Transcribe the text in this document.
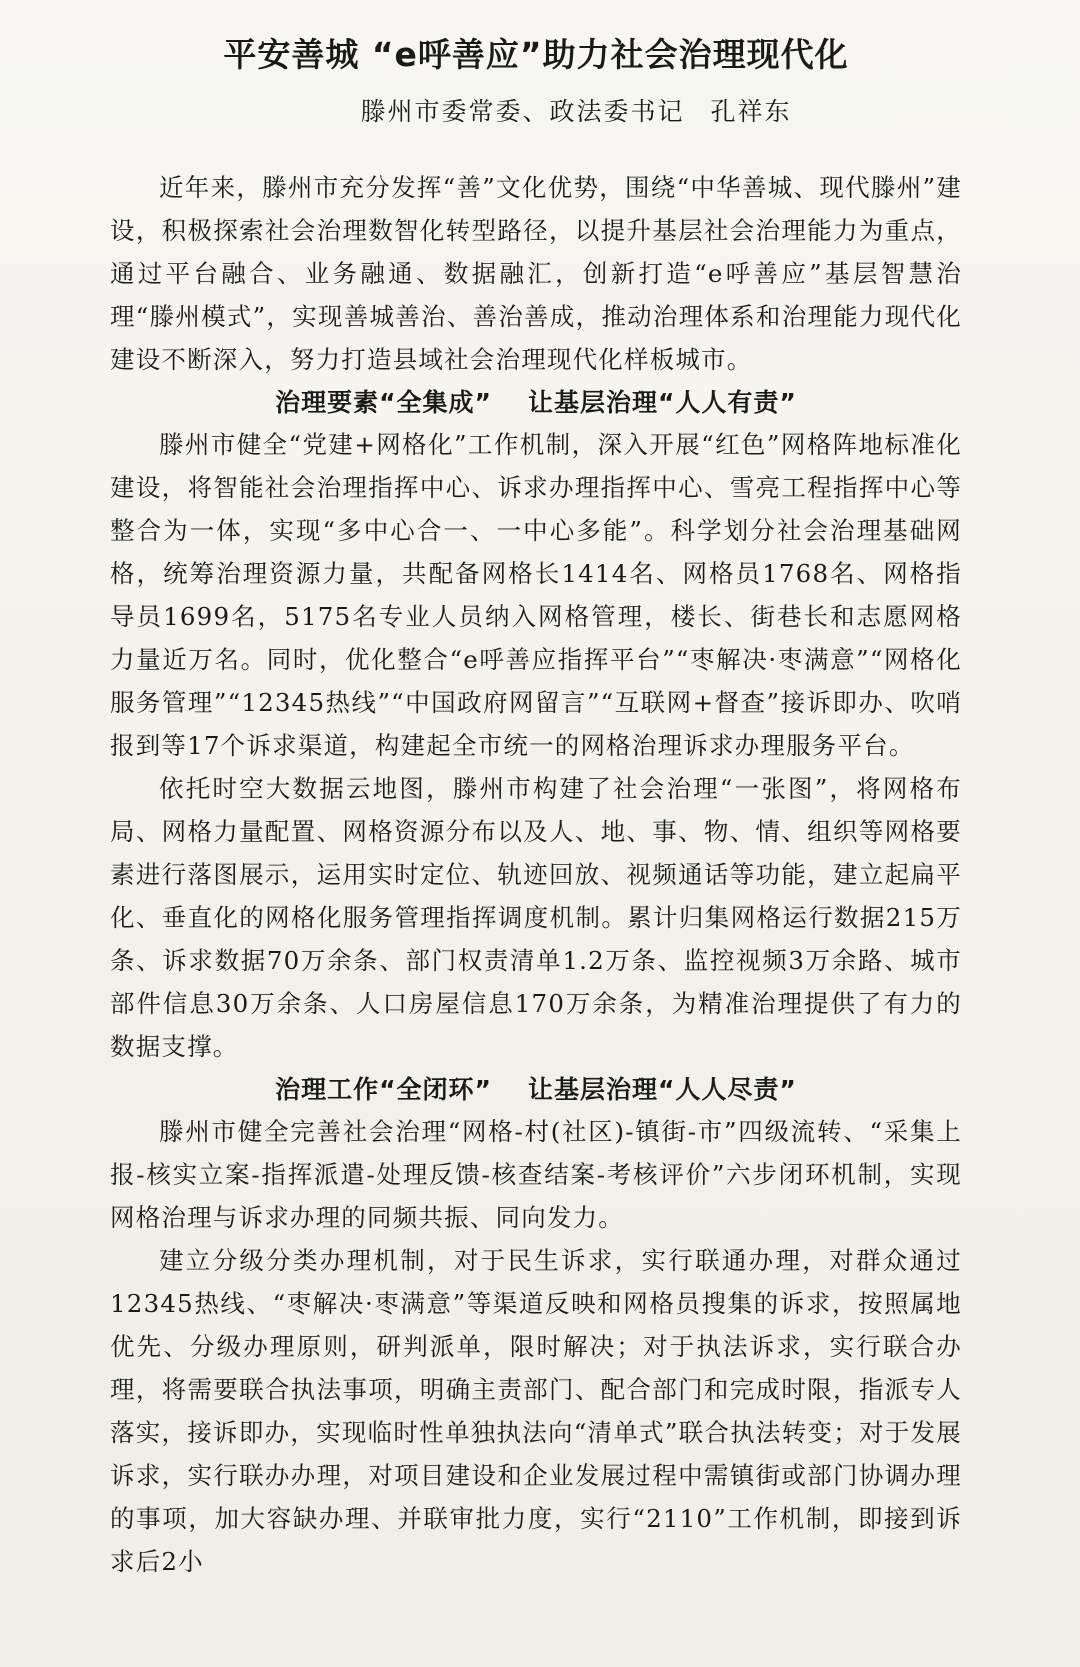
平安善城 “e呼善应”助力社会治理现代化
滕州市委常委、政法委书记 孔祥东

近年来，滕州市充分发挥“善”文化优势，围绕“中华善城、现代滕州”建设，积极探索社会治理数智化转型路径，以提升基层社会治理能力为重点，通过平台融合、业务融通、数据融汇，创新打造“e呼善应”基层智慧治理“滕州模式”，实现善城善治、善治善成，推动治理体系和治理能力现代化建设不断深入，努力打造县域社会治理现代化样板城市。

治理要素“全集成” 让基层治理“人人有责”

滕州市健全“党建+网格化”工作机制，深入开展“红色”网格阵地标准化建设，将智能社会治理指挥中心、诉求办理指挥中心、雪亮工程指挥中心等整合为一体，实现“多中心合一、一中心多能”。科学划分社会治理基础网格，统筹治理资源力量，共配备网格长1414名、网格员1768名、网格指导员1699名，5175名专业人员纳入网格管理，楼长、街巷长和志愿网格力量近万名。同时，优化整合“e呼善应指挥平台”“枣解决·枣满意”“网格化服务管理”“12345热线”“中国政府网留言”“互联网+督查”接诉即办、吹哨报到等17个诉求渠道，构建起全市统一的网格治理诉求办理服务平台。

依托时空大数据云地图，滕州市构建了社会治理“一张图”，将网格布局、网格力量配置、网格资源分布以及人、地、事、物、情、组织等网格要素进行落图展示，运用实时定位、轨迹回放、视频通话等功能，建立起扁平化、垂直化的网格化服务管理指挥调度机制。累计归集网格运行数据215万条、诉求数据70万余条、部门权责清单1.2万条、监控视频3万余路、城市部件信息30万余条、人口房屋信息170万余条，为精准治理提供了有力的数据支撑。

治理工作“全闭环” 让基层治理“人人尽责”

滕州市健全完善社会治理“网格-村(社区)-镇街-市”四级流转、“采集上报-核实立案-指挥派遣-处理反馈-核查结案-考核评价”六步闭环机制，实现网格治理与诉求办理的同频共振、同向发力。

建立分级分类办理机制，对于民生诉求，实行联通办理，对群众通过12345热线、“枣解决·枣满意”等渠道反映和网格员搜集的诉求，按照属地优先、分级办理原则，研判派单，限时解决；对于执法诉求，实行联合办理，将需要联合执法事项，明确主责部门、配合部门和完成时限，指派专人落实，接诉即办，实现临时性单独执法向“清单式”联合执法转变；对于发展诉求，实行联办办理，对项目建设和企业发展过程中需镇街或部门协调办理的事项，加大容缺办理、并联审批力度，实行“2110”工作机制，即接到诉求后2小
